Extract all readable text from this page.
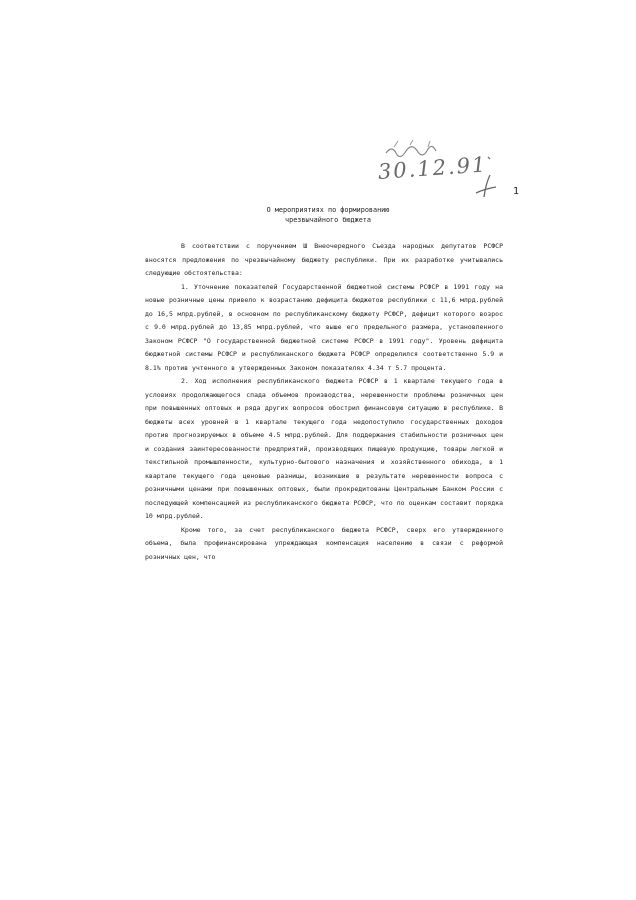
30.12.91
1
О мероприятиях по формированию
чрезвычайного бюджета

В соответствии с поручением Ш Внеочередного Съезда народных депутатов РСФСР вносятся предложения по чрезвычайному бюджету республики. При их разработке учитывались следующие обстоятельства:

1. Уточнение показателей Государственной бюджетной системы РСФСР в 1991 году на новые розничные цены привело к возрастанию дефицита бюджетов республики с 11,6 млрд.рублей до 16,5 млрд.рублей, в основном по республиканскому бюджету РСФСР, дефицит которого возрос с 9.0 млрд.рублей до 13,85 млрд.рублей, что выше его предельного размера, установленного Законом РСФСР "О государственной бюджетной системе РСФСР в 1991 году". Уровень дефицита бюджетной системы РСФСР и республиканского бюджета РСФСР определился соответственно 5.9 и 8.1% против учтенного в утвержденных Законом показателях 4.34 т 5.7 процента.

2. Ход исполнения республиканского бюджета РСФСР в 1 квартале текущего года в условиях продолжающегося спада объемов производства, нерешенности проблемы розничных цен при повышенных оптовых и ряда других вопросов обострил финансовую ситуацию в республике. В бюджеты всех уровней в 1 квартале текущего года недопоступило государственных доходов против прогнозируемых в объеме 4.5 млрд.рублей. Для поддержания стабильности розничных цен и создания заинтересованности предприятий, производящих пищевую продукцию, товары легкой и текстильной промышленности, культурно-бытового назначения и хозяйственного обихода, в 1 квартале текущего года ценовые разницы, возникшие в результате нерешенности вопроса с розничными ценами при повышенных оптовых, были прокредитованы Центральным Банком России с последующей компенсацией из республиканского бюджета РСФСР, что по оценкам составит порядка 10 млрд.рублей.

Кроме того, за счет республиканского бюджета РСФСР, сверх его утвержденного объема, была профинансирована упреждающая компенсация населению в связи с реформой розничных цен, что
